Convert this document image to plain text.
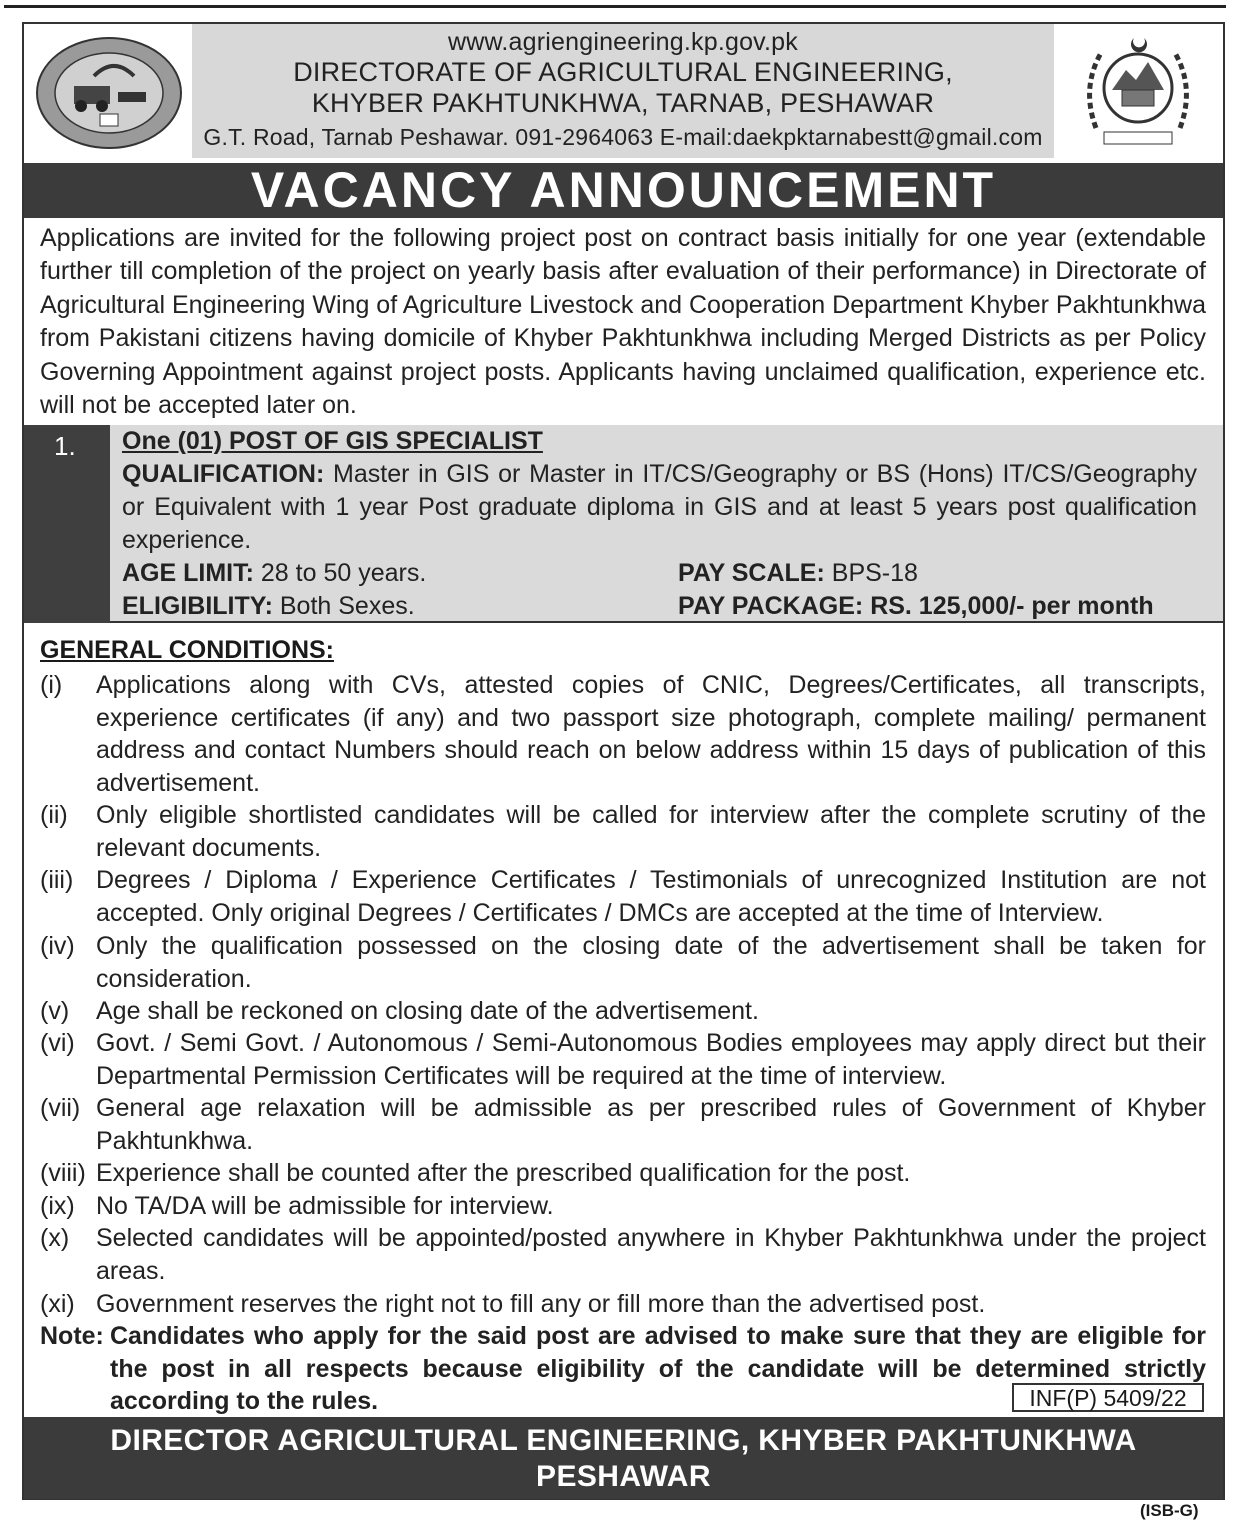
www.agriengineering.kp.gov.pk
DIRECTORATE OF AGRICULTURAL ENGINEERING,
KHYBER PAKHTUNKHWA, TARNAB, PESHAWAR
G.T. Road, Tarnab Peshawar. 091-2964063 E-mail:daekpktarnabestt@gmail.com
VACANCY ANNOUNCEMENT
Applications are invited for the following project post on contract basis initially for one year (extendable further till completion of the project on yearly basis after evaluation of their performance) in Directorate of Agricultural Engineering Wing of Agriculture Livestock and Cooperation Department Khyber Pakhtunkhwa from Pakistani citizens having domicile of Khyber Pakhtunkhwa including Merged Districts as per Policy Governing Appointment against project posts. Applicants having unclaimed qualification, experience etc. will not be accepted later on.
1. One (01) POST OF GIS SPECIALIST
QUALIFICATION: Master in GIS or Master in IT/CS/Geography or BS (Hons) IT/CS/Geography or Equivalent with 1 year Post graduate diploma in GIS and at least 5 years post qualification experience.
AGE LIMIT: 28 to 50 years.
ELIGIBILITY: Both Sexes.
PAY SCALE: BPS-18
PAY PACKAGE: RS. 125,000/- per month
GENERAL CONDITIONS:
(i) Applications along with CVs, attested copies of CNIC, Degrees/Certificates, all transcripts, experience certificates (if any) and two passport size photograph, complete mailing/ permanent address and contact Numbers should reach on below address within 15 days of publication of this advertisement.
(ii) Only eligible shortlisted candidates will be called for interview after the complete scrutiny of the relevant documents.
(iii) Degrees / Diploma / Experience Certificates / Testimonials of unrecognized Institution are not accepted. Only original Degrees / Certificates / DMCs are accepted at the time of Interview.
(iv) Only the qualification possessed on the closing date of the advertisement shall be taken for consideration.
(v) Age shall be reckoned on closing date of the advertisement.
(vi) Govt. / Semi Govt. / Autonomous / Semi-Autonomous Bodies employees may apply direct but their Departmental Permission Certificates will be required at the time of interview.
(vii) General age relaxation will be admissible as per prescribed rules of Government of Khyber Pakhtunkhwa.
(viii) Experience shall be counted after the prescribed qualification for the post.
(ix) No TA/DA will be admissible for interview.
(x) Selected candidates will be appointed/posted anywhere in Khyber Pakhtunkhwa under the project areas.
(xi) Government reserves the right not to fill any or fill more than the advertised post.
Note: Candidates who apply for the said post are advised to make sure that they are eligible for the post in all respects because eligibility of the candidate will be determined strictly according to the rules.	INF(P) 5409/22
DIRECTOR AGRICULTURAL ENGINEERING, KHYBER PAKHTUNKHWA PESHAWAR
G. T. Road, Tarnab Peshawar. Phone & Fax: 091-2964063	(ISB-G)
